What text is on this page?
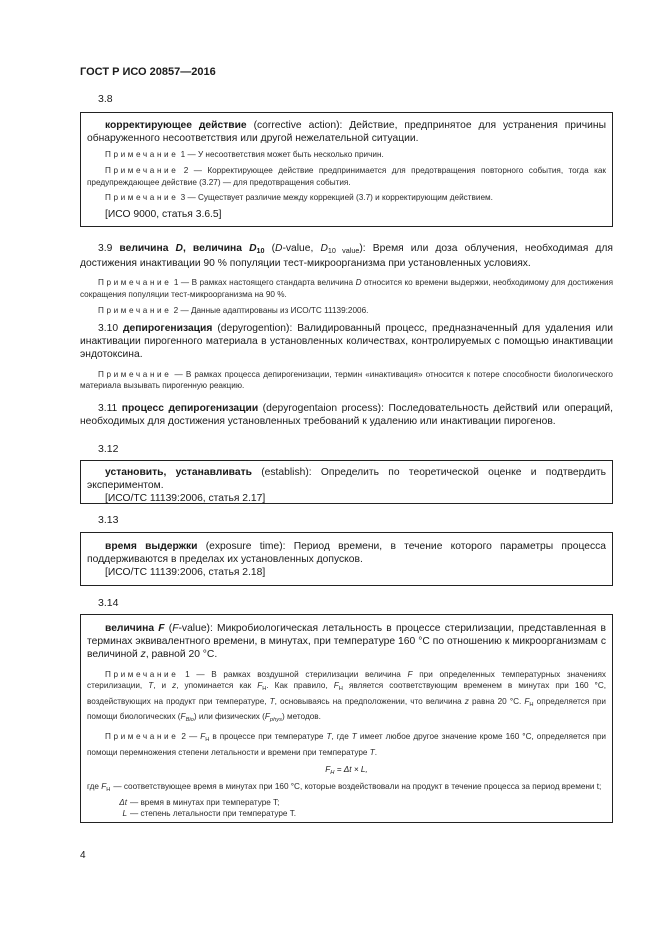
ГОСТ Р ИСО 20857—2016
3.8

корректирующее действие (corrective action): Действие, предпринятое для устранения причины обнаруженного несоответствия или другой нежелательной ситуации.

Примечание 1 — У несоответствия может быть несколько причин.

Примечание 2 — Корректирующее действие предпринимается для предотвращения повторного события, тогда как предупреждающее действие (3.27) — для предотвращения события.

Примечание 3 — Существует различие между коррекцией (3.7) и корректирующим действием.

[ИСО 9000, статья 3.6.5]

3.9 величина D, величина $D_{10}$ (D-value, $D_{10 value}$): Время или доза облучения, необходимая для достижения инактивации 90 % популяции тест-микроорганизма при установленных условиях.

Примечание 1 — В рамках настоящего стандарта величина D относится ко времени выдержки, необходимому для достижения сокращения популяции тест-микроорганизма на 90 %.

Примечание 2 — Данные адаптированы из ИСО/ТС 11139:2006.

3.10 депирогенизация (depyrogention): Валидированный процесс, предназначенный для удаления или инактивации пирогенного материала в установленных количествах, контролируемых с помощью инактивации эндотоксина.

Примечание — В рамках процесса депирогенизации, термин «инактивация» относится к потере способности биологического материала вызывать пирогенную реакцию.

3.11 процесс депирогенизации (depyrogentaion process): Последовательность действий или операций, необходимых для достижения установленных требований к удалению или инактивации пирогенов.

3.12

установить, устанавливать (establish): Определить по теоретической оценке и подтвердить экспериментом.

[ИСО/ТС 11139:2006, статья 2.17]
3.13

время выдержки (exposure time): Период времени, в течение которого параметры процесса поддерживаются в пределах их установленных допусков.

[ИСО/ТС 11139:2006, статья 2.18]
3.14

величина F (F-value): Микробиологическая летальность в процессе стерилизации, представленная в терминах эквивалентного времени, в минутах, при температуре 160 °С по отношению к микроорганизмам с величиной z, равной 20 °С.

Примечание 1 — В рамках воздушной стерилизации величина F при определенных температурных значениях стерилизации, T, и z, упоминается как $F_H$. Как правило, $F_H$ является соответствующим временем в минутах при 160 °С, воздействующих на продукт при температуре, T, основываясь на предположении, что величина z равна 20 °С. $F_H$ определяется при помощи биологических $(F_{Bio})$ или физических $(F_{phys})$ методов.

Примечание 2 — $F_H$ в процессе при температуре T, где T имеет любое другое значение кроме 160 °С, определяется при помощи перемножения степени летальности и времени при температуре T.

$F_H = \Delta t \times L$,
где $F_H$ — соответствующее время в минутах при 160 °С, которые воздействовали на продукт в течение процесса за период времени t;
Δt — время в минутах при температуре T;
L — степень летальности при температуре T.
4
